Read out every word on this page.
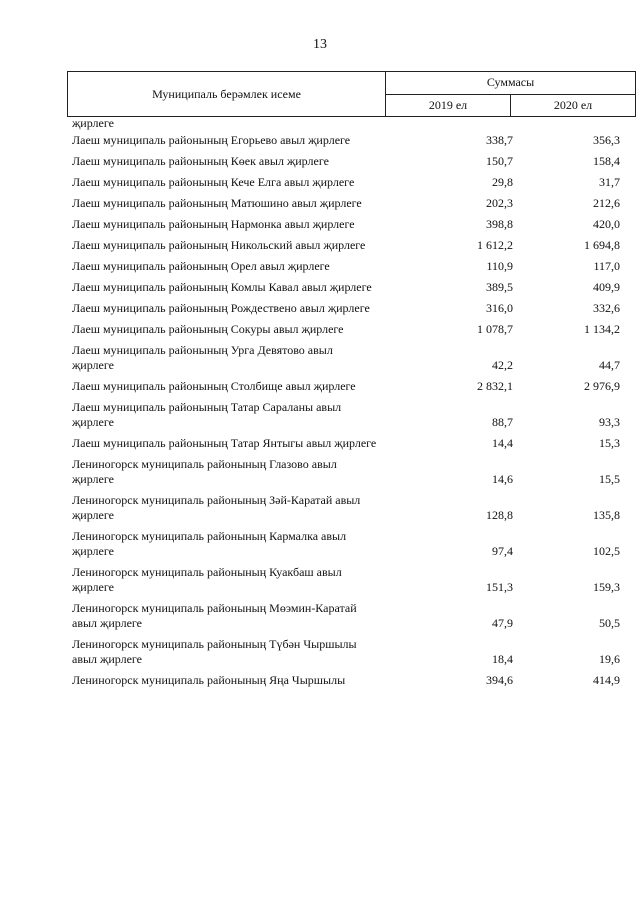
13
Муниципаль берәмлек исеме	Суммасы	
	2019 ел	2020 ел
җирлеге
Лаеш муниципаль районының Егорьево авыл җирлеге	338,7	356,3
Лаеш муниципаль районының Көек авыл җирлеге	150,7	158,4
Лаеш муниципаль районының Кече Елга авыл җирлеге	29,8	31,7
Лаеш муниципаль районының Матюшино авыл җирлеге	202,3	212,6
Лаеш муниципаль районының Нармонка авыл җирлеге	398,8	420,0
Лаеш муниципаль районының Никольский авыл җирлеге	1 612,2	1 694,8
Лаеш муниципаль районының Орел авыл җирлеге	110,9	117,0
Лаеш муниципаль районының Комлы Кавал авыл җирлеге	389,5	409,9
Лаеш муниципаль районының Рождествено авыл җирлеге	316,0	332,6
Лаеш муниципаль районының Сокуры авыл җирлеге	1 078,7	1 134,2
Лаеш муниципаль районының Урга Девятово авыл җирлеге	42,2	44,7
Лаеш муниципаль районының Столбище авыл җирлеге	2 832,1	2 976,9
Лаеш муниципаль районының Татар Сараланы авыл җирлеге	88,7	93,3
Лаеш муниципаль районының Татар Янтыгы авыл җирлеге	14,4	15,3
Лениногорск муниципаль районының Глазово авыл җирлеге	14,6	15,5
Лениногорск муниципаль районының Зәй-Каратай авыл җирлеге	128,8	135,8
Лениногорск муниципаль районының Кармалка авыл җирлеге	97,4	102,5
Лениногорск муниципаль районының Куакбаш авыл җирлеге	151,3	159,3
Лениногорск муниципаль районының Мөэмин-Каратай авыл җирлеге	47,9	50,5
Лениногорск муниципаль районының Түбән Чыршылы авыл җирлеге	18,4	19,6
Лениногорск муниципаль районының Яңа Чыршылы	394,6	414,9
